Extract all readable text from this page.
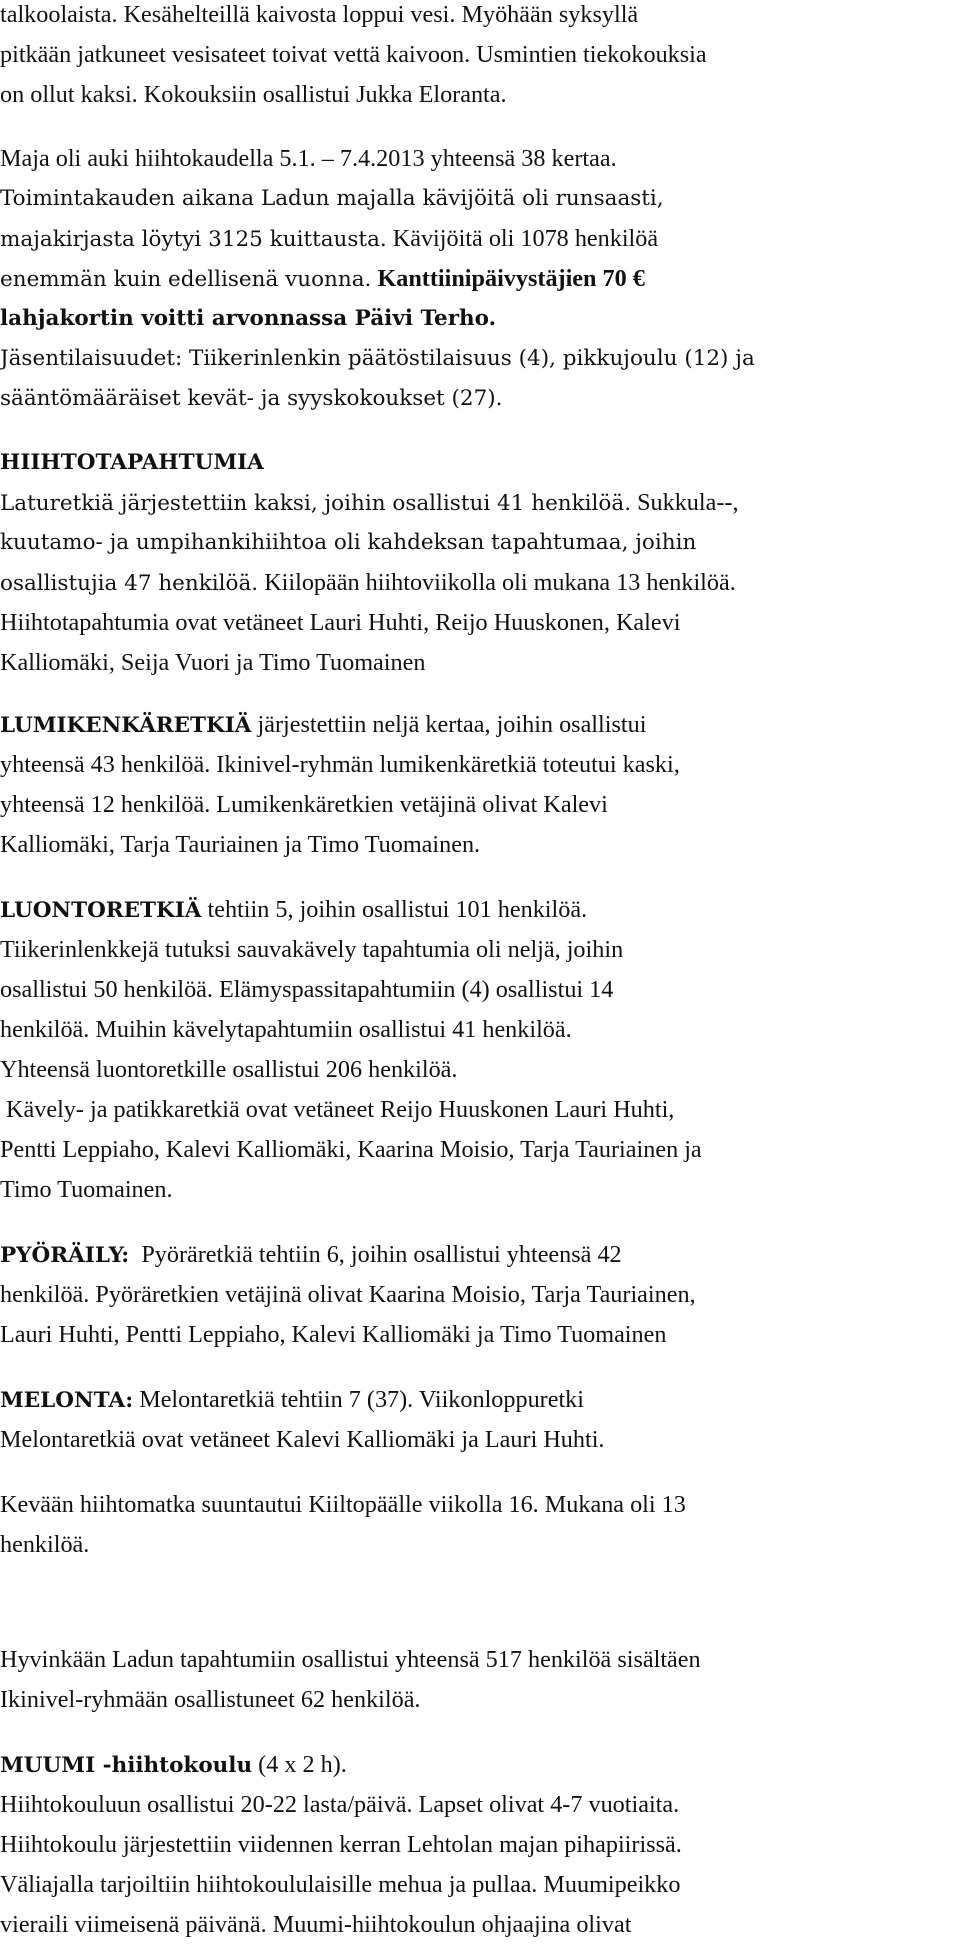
talkoolaista. Kesähelteillä kaivosta loppui vesi. Myöhään syksyllä
pitkään jatkuneet vesisateet toivat vettä kaivoon. Usmintien tiekokouksia
on ollut kaksi. Kokouksiin osallistui Jukka Eloranta.
Maja oli auki hiihtokaudella 5.1. – 7.4.2013 yhteensä 38 kertaa.
Toimintakauden aikana Ladun majalla kävijöitä oli runsaasti,
majakirjasta löytyi 3125 kuittausta. Kävijöitä oli 1078 henkilöä
enemmän kuin edellisenä vuonna. Kanttiinipäivystäjien 70 €
lahjakortin voitti arvonnassa Päivi Terho.
Jäsentilaisuudet: Tiikerinlenkin päätöstilaisuus (4), pikkujoulu (12) ja
sääntömääräiset kevät- ja syyskokoukset (27).
HIIHTOTAPAHTUMIA
Laturetkiä järjestettiin kaksi, joihin osallistui 41 henkilöä. Sukkula--,
kuutamo- ja umpihankihiihtoa oli kahdeksan tapahtumaa, joihin
osallistujia 47 henkilöä. Kiilopään hiihtoviikolla oli mukana 13 henkilöä.
Hiihtotapahtumia ovat vetäneet Lauri Huhti, Reijo Huuskonen, Kalevi
Kalliomäki, Seija Vuori ja Timo Tuomainen
LUMIKENKÄRETKIÄ järjestettiin neljä kertaa, joihin osallistui
yhteensä 43 henkilöä. Ikinivel-ryhmän lumikenkäretkiä toteutui kaski,
yhteensä 12 henkilöä. Lumikenkäretkien vetäjinä olivat Kalevi
Kalliomäki, Tarja Tauriainen ja Timo Tuomainen.
LUONTORETKIÄ tehtiin 5, joihin osallistui 101 henkilöä.
Tiikerinlenkkejä tutuksi sauvakävely tapahtumia oli neljä, joihin
osallistui 50 henkilöä. Elämyspassitapahtumiin (4) osallistui 14
henkilöä. Muihin kävelytapahtumiin osallistui 41 henkilöä.
Yhteensä luontoretkille osallistui 206 henkilöä.
Kävely- ja patikkaretkiä ovat vetäneet Reijo Huuskonen Lauri Huhti,
Pentti Leppiaho, Kalevi Kalliomäki, Kaarina Moisio, Tarja Tauriainen ja
Timo Tuomainen.
PYÖRÄILY:  Pyöräretkiä tehtiin 6, joihin osallistui yhteensä 42
henkilöä. Pyöräretkien vetäjinä olivat Kaarina Moisio, Tarja Tauriainen,
Lauri Huhti, Pentti Leppiaho, Kalevi Kalliomäki ja Timo Tuomainen
MELONTA: Melontaretkiä tehtiin 7 (37). Viikonloppuretki
Melontaretkiä ovat vetäneet Kalevi Kalliomäki ja Lauri Huhti.
Kevään hiihtomatka suuntautui Kiiltopäälle viikolla 16. Mukana oli 13
henkilöä.
Hyvinkään Ladun tapahtumiin osallistui yhteensä 517 henkilöä sisältäen
Ikinivel-ryhmään osallistuneet 62 henkilöä.
MUUMI -hiihtokoulu (4 x 2 h).
Hiihtokouluun osallistui 20-22 lasta/päivä. Lapset olivat 4-7 vuotiaita.
Hiihtokoulu järjestettiin viidennen kerran Lehtolan majan pihapiirissä.
Väliajalla tarjoiltiin hiihtokoululaisille mehua ja pullaa. Muumipeikko
vieraili viimeisenä päivänä. Muumi-hiihtokoulun ohjaajina olivat
